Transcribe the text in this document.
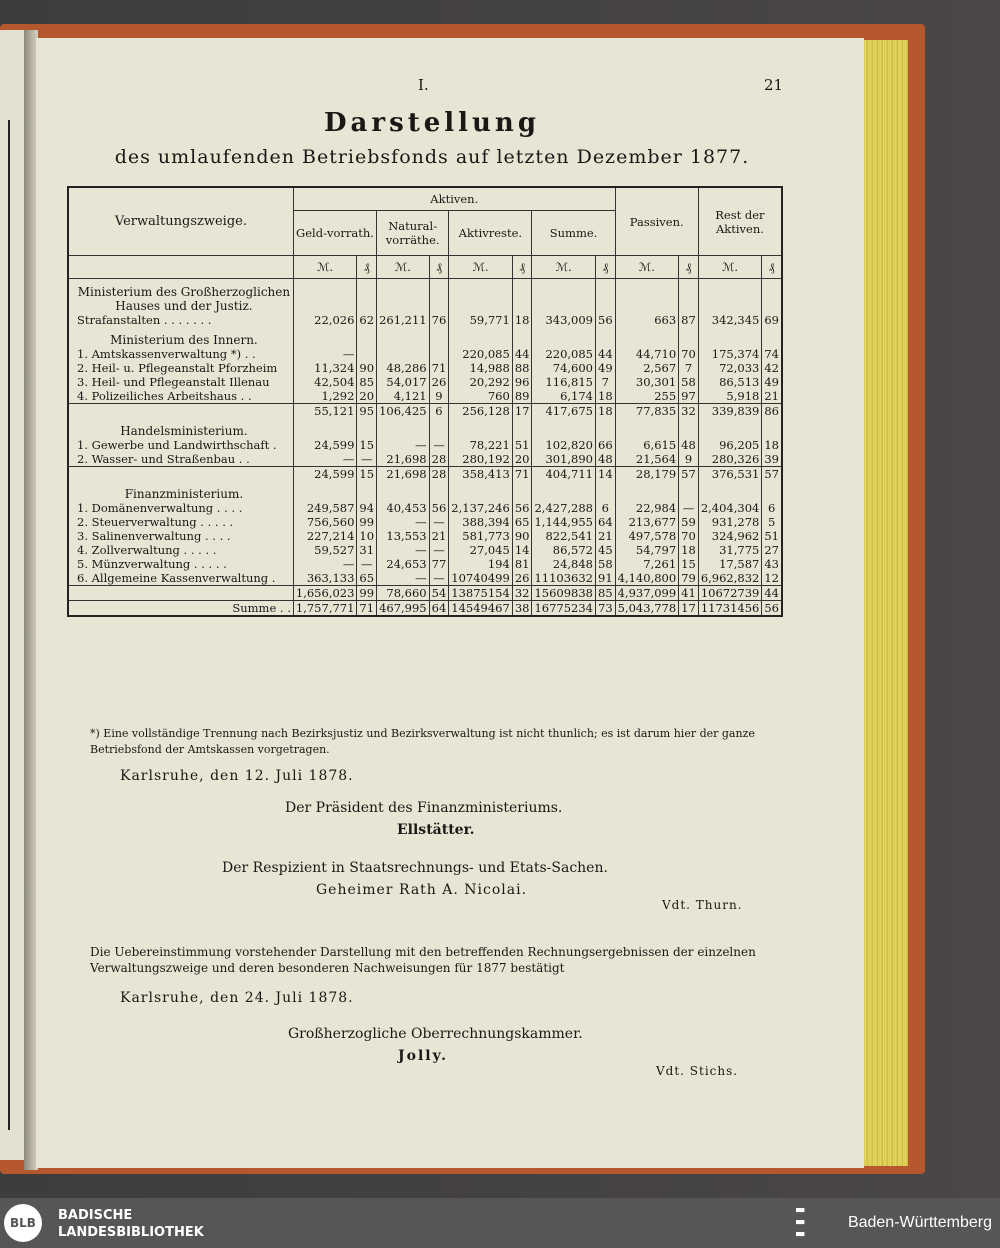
I.	21
Darstellung
des umlaufenden Betriebsfonds auf letzten Dezember 1877.
Verwaltungszweige.	Aktiven.								Passiven.		Rest der Aktiven.	
	Geld-vorrath.		Natural-vorräthe.		Aktivreste.		Summe.					
	ℳ.	₰	ℳ.	₰	ℳ.	₰	ℳ.	₰	ℳ.	₰	ℳ.	₰
Ministerium des Großherzoglichen Hauses und der Justiz.												
Strafanstalten . . . . . . .	22,026	62	261,211	76	59,771	18	343,009	56	663	87	342,345	69
Ministerium des Innern.												
1. Amtskassenverwaltung *) . .	—				220,085	44	220,085	44	44,710	70	175,374	74
2. Heil- u. Pflegeanstalt Pforzheim	11,324	90	48,286	71	14,988	88	74,600	49	2,567	7	72,033	42
3. Heil- und Pflegeanstalt Illenau	42,504	85	54,017	26	20,292	96	116,815	7	30,301	58	86,513	49
4. Polizeiliches Arbeitshaus . .	1,292	20	4,121	9	760	89	6,174	18	255	97	5,918	21
	55,121	95	106,425	6	256,128	17	417,675	18	77,835	32	339,839	86
Handelsministerium.												
1. Gewerbe und Landwirthschaft .	24,599	15	—	—	78,221	51	102,820	66	6,615	48	96,205	18
2. Wasser- und Straßenbau . .	—	—	21,698	28	280,192	20	301,890	48	21,564	9	280,326	39
	24,599	15	21,698	28	358,413	71	404,711	14	28,179	57	376,531	57
Finanzministerium.												
1. Domänenverwaltung . . . .	249,587	94	40,453	56	2,137,246	56	2,427,288	6	22,984	—	2,404,304	6
2. Steuerverwaltung . . . . .	756,560	99	—	—	388,394	65	1,144,955	64	213,677	59	931,278	5
3. Salinenverwaltung . . . .	227,214	10	13,553	21	581,773	90	822,541	21	497,578	70	324,962	51
4. Zollverwaltung . . . . .	59,527	31	—	—	27,045	14	86,572	45	54,797	18	31,775	27
5. Münzverwaltung . . . . .	—	—	24,653	77	194	81	24,848	58	7,261	15	17,587	43
6. Allgemeine Kassenverwaltung .	363,133	65	—	—	10740499	26	11103632	91	4,140,800	79	6,962,832	12
	1,656,023	99	78,660	54	13875154	32	15609838	85	4,937,099	41	10672739	44
Summe . .	1,757,771	71	467,995	64	14549467	38	16775234	73	5,043,778	17	11731456	56
*) Eine vollständige Trennung nach Bezirksjustiz und Bezirksverwaltung ist nicht thunlich; es ist darum hier der ganze Betriebsfond der Amtskassen vorgetragen.
Karlsruhe, den 12. Juli 1878.
Der Präsident des Finanzministeriums.
Ellstätter.
Der Respizient in Staatsrechnungs- und Etats-Sachen.
Geheimer Rath A. Nicolai.
Vdt. Thurn.
Die Uebereinstimmung vorstehender Darstellung mit den betreffenden Rechnungsergebnissen der einzelnen Verwaltungszweige und deren besonderen Nachweisungen für 1877 bestätigt
Karlsruhe, den 24. Juli 1878.
Großherzogliche Oberrechnungskammer.
Jolly.
Vdt. Stichs.
BLB	BADISCHE
LANDESBIBLIOTHEK
▬
▬
▬
Baden-Württemberg
